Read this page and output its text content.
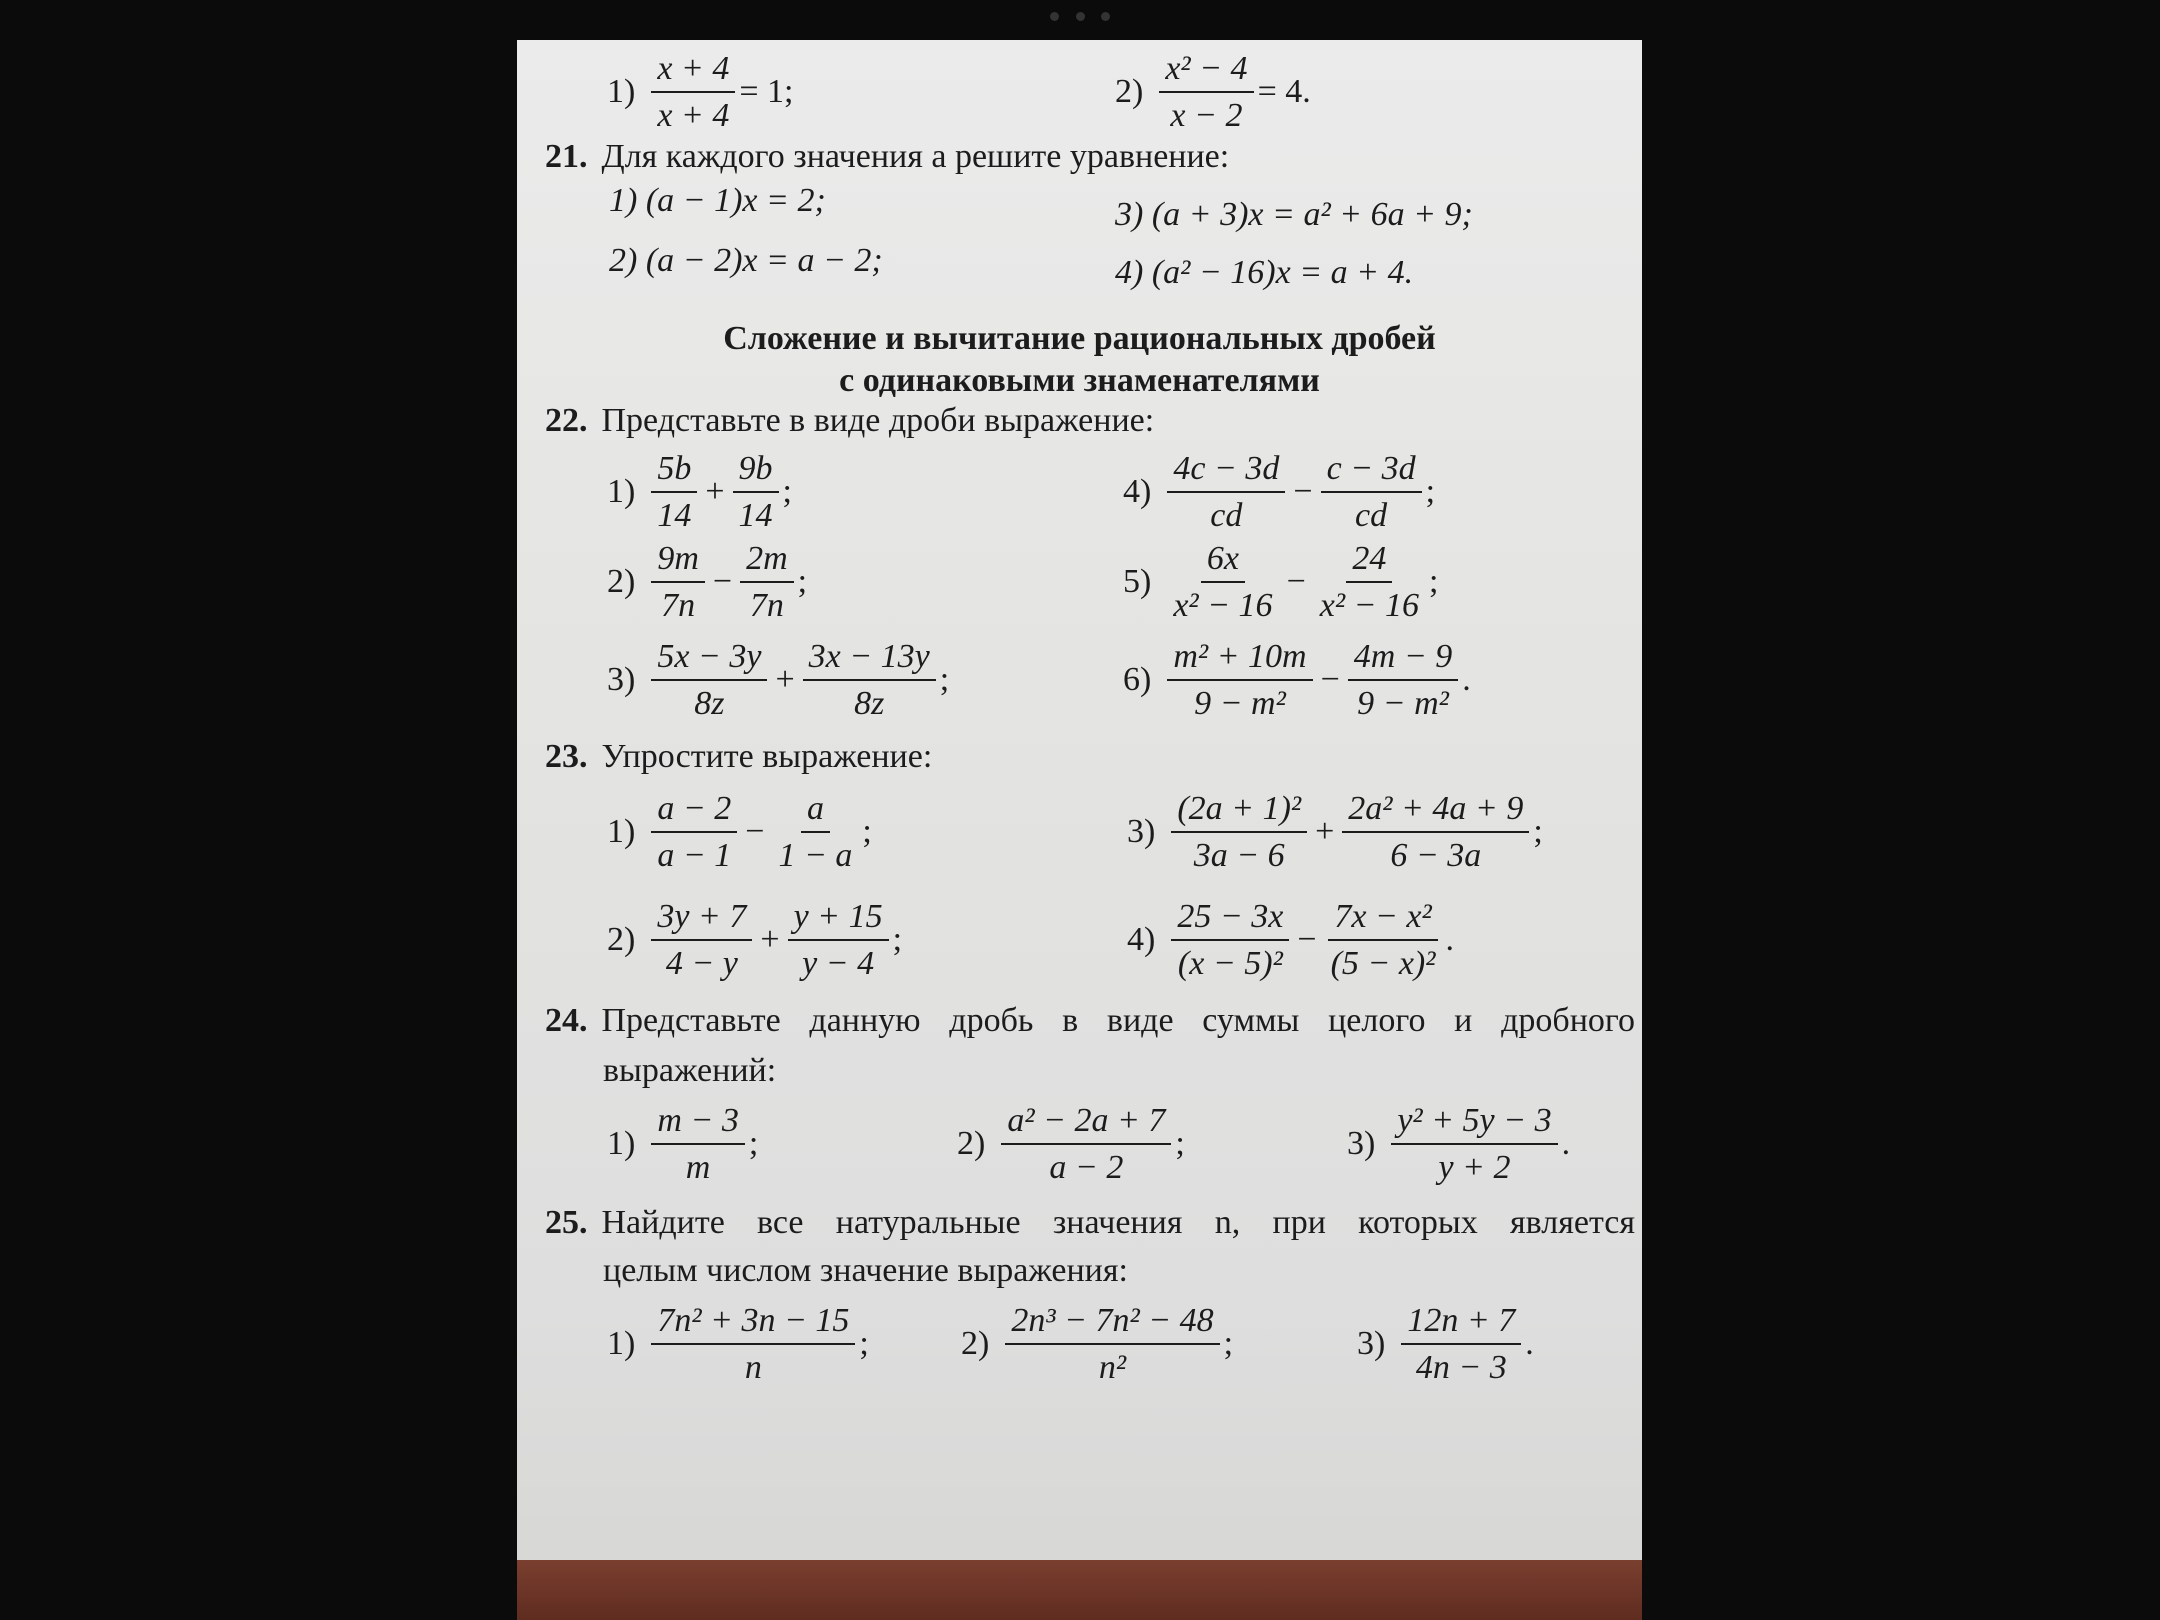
$1) \frac{x + 4}{x + 4} = 1$;	$2) \frac{\text{x² − 4}}{x - 2} = 4$.
21. Для каждого значения a решите уравнение:
1) (a − 1)x = 2;
2) (a − 2)x = a − 2;
3) (a + 3)x = a² + 6a + 9;
4) (a² − 16)x = a + 4.
Сложение и вычитание рациональных дробей
с одинаковыми знаменателями
22. Представьте в виде дроби выражение:
$1) \frac{5b}{14} + \frac{9b}{14}$ ;
$2) \frac{9m}{7n} - \frac{2m}{7n}$ ;
$3) \frac{5x - 3y}{8z} + \frac{3x - 13y}{8z}$ ;
$4) \frac{4c - 3d}{cd} - \frac{c - 3d}{cd}$ ;
$5) \frac{6x}{\text{x² − 16}} - \frac{24}{\text{x² − 16}}$ ;
$6) \frac{\text{m² + 10m}}{\text{9 − m²}} - \frac{4m - 9}{\text{9 − m²}}$ .
23. Упростите выражение:
$1) \frac{a - 2}{a - 1} - \frac{a}{1 - a}$ ;
$2) \frac{3y + 7}{4 - y} + \frac{y + 15}{y - 4}$ ;
$3) \frac{\text{(2a + 1)²}}{3a - 6} + \frac{\text{2a² + 4a + 9}}{6 - 3a}$ ;
$4) \frac{25 - 3x}{\text{(x − 5)²}} - \frac{\text{7x − x²}}{\text{(5 − x)²}}$ .
24. Представьте данную дробь в виде суммы целого и дробного
выражений:
$1) \frac{m - 3}{m}$ ;	$2) \frac{\text{a² − 2a + 7}}{a - 2}$ ;	$3) \frac{\text{y² + 5y − 3}}{y + 2}$ .
25. Найдите все натуральные значения n, при которых является
целым числом значение выражения:
$1) \frac{\text{7n² + 3n − 15}}{n}$ ;	$2) \frac{\text{2n³ − 7n² − 48}}{\text{n²}}$ ;	$3) \frac{12n + 7}{4n - 3}$ .
